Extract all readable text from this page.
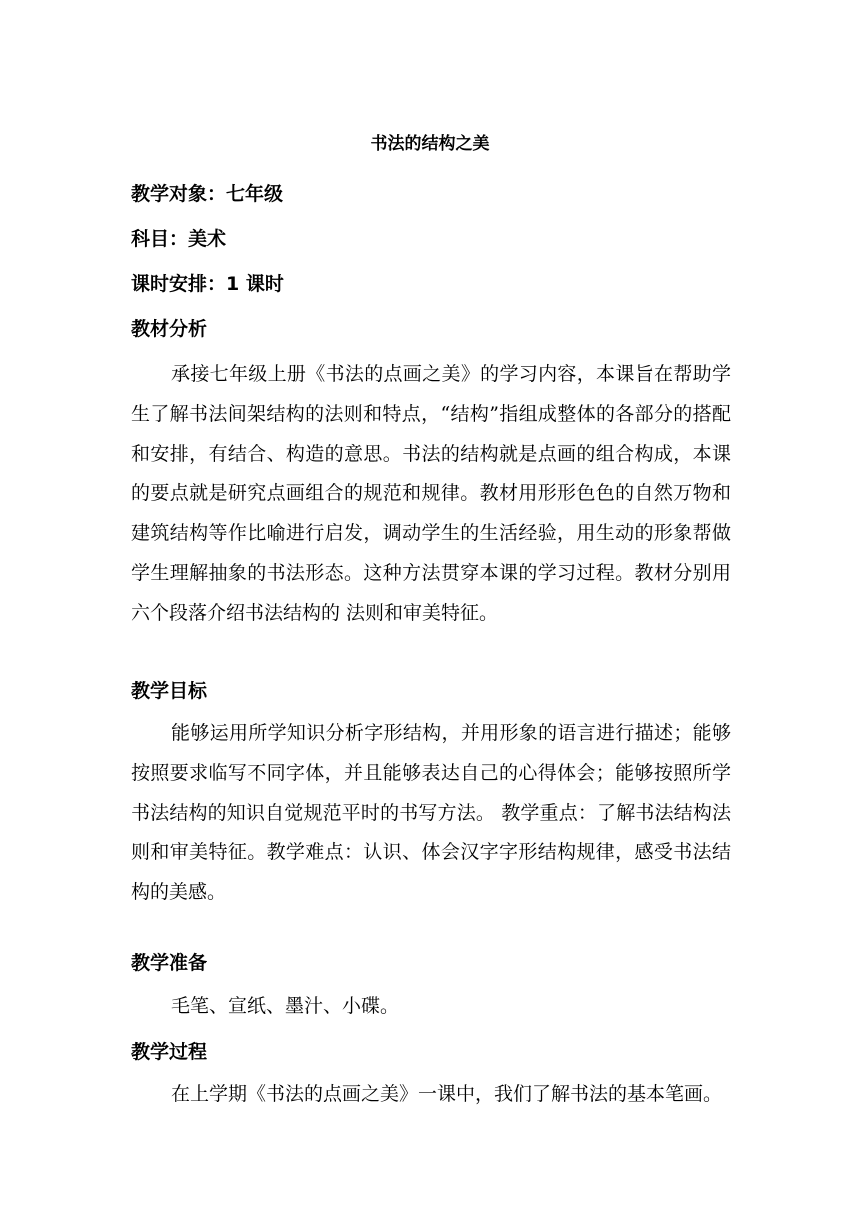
书法的结构之美
教学对象：七年级
科目：美术
课时安排：1 课时
教材分析
承接七年级上册《书法的点画之美》的学习内容，本课旨在帮助学生了解书法间架结构的法则和特点，“结构”指组成整体的各部分的搭配和安排，有结合、构造的意思。书法的结构就是点画的组合构成，本课的要点就是研究点画组合的规范和规律。教材用形形色色的自然万物和建筑结构等作比喻进行启发，调动学生的生活经验，用生动的形象帮做学生理解抽象的书法形态。这种方法贯穿本课的学习过程。教材分别用六个段落介绍书法结构的 法则和审美特征。
教学目标
能够运用所学知识分析字形结构，并用形象的语言进行描述；能够按照要求临写不同字体，并且能够表达自己的心得体会；能够按照所学书法结构的知识自觉规范平时的书写方法。 教学重点：了解书法结构法则和审美特征。教学难点：认识、体会汉字字形结构规律，感受书法结构的美感。
教学准备
毛笔、宣纸、墨汁、小碟。
教学过程
在上学期《书法的点画之美》一课中，我们了解书法的基本笔画。
